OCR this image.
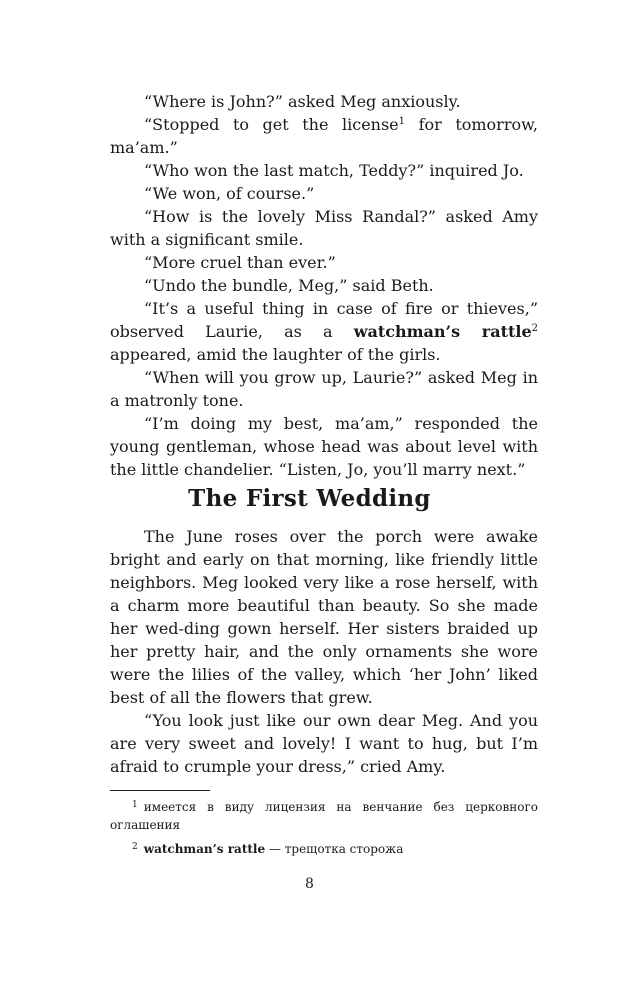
“Where is John?” asked Meg anxiously.

“Stopped to get the license$^1$ for tomorrow, ma’am.”

“Who won the last match, Teddy?” inquired Jo.

“We won, of course.”

“How is the lovely Miss Randal?” asked Amy with a significant smile.

“More cruel than ever.”

“Undo the bundle, Meg,” said Beth.

“It’s a useful thing in case of fire or thieves,” observed Laurie, as a watchman’s rattle$^2$ appeared, amid the laughter of the girls.

“When will you grow up, Laurie?” asked Meg in a matronly tone.

“I’m doing my best, ma’am,” responded the young gentleman, whose head was about level with the little chandelier. “Listen, Jo, you’ll marry next.”

The First Wedding

The June roses over the porch were awake bright and early on that morning, like friendly little neighbors. Meg looked very like a rose herself, with a charm more beautiful than beauty. So she made her wed-ding gown herself. Her sisters braided up her pretty hair, and the only ornaments she wore were the lilies of the valley, which ‘her John’ liked best of all the flowers that grew.

“You look just like our own dear Meg. And you are very sweet and lovely! I want to hug, but I’m afraid to crumple your dress,” cried Amy.

$^1$ имеется в виду лицензия на венчание без церковного оглашения

$^2$ watchman’s rattle — трещотка сторожа

8
